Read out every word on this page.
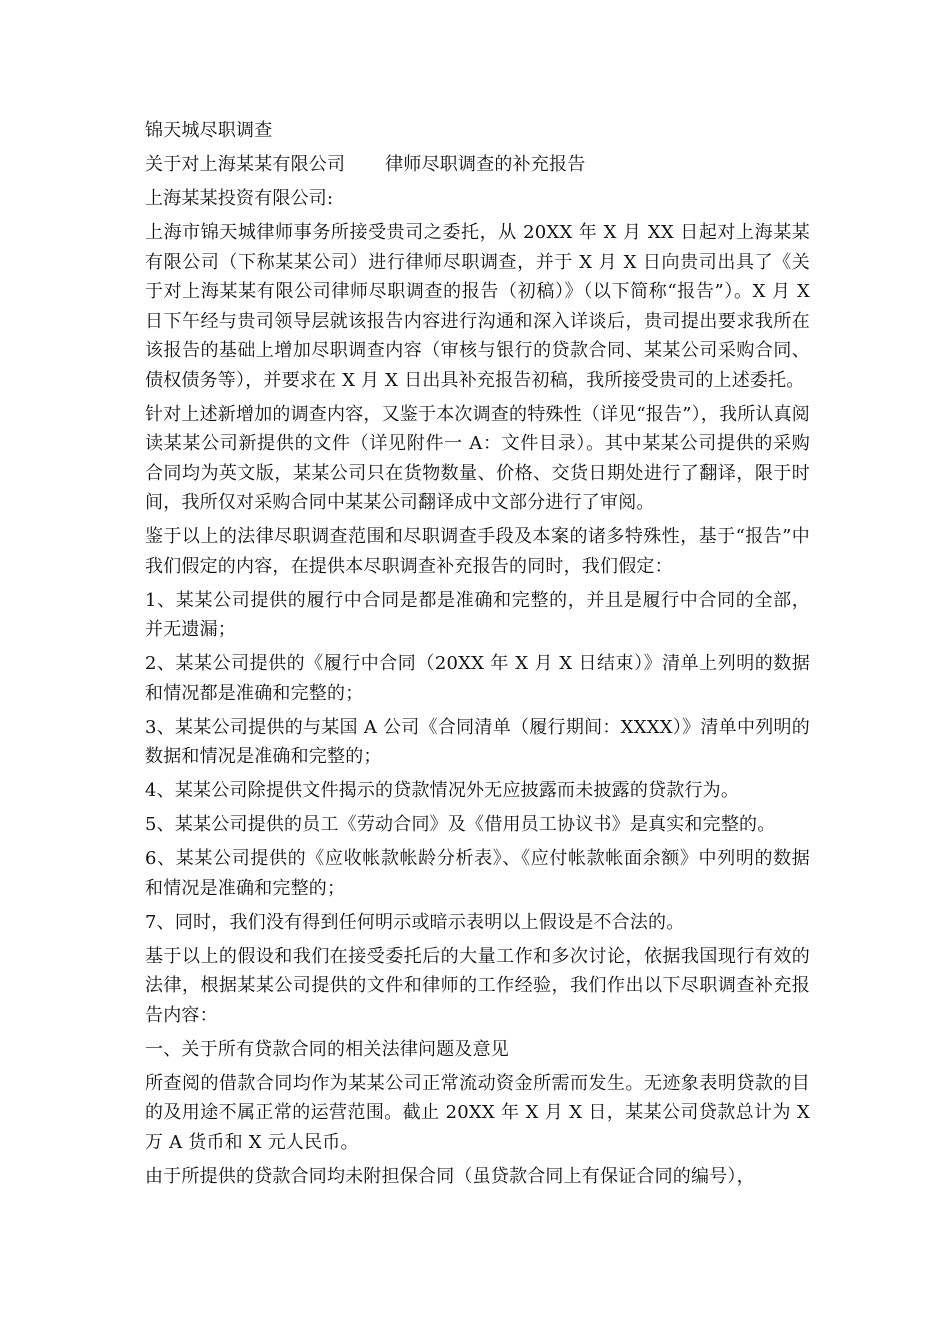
锦天城尽职调查
关于对上海某某有限公司 律师尽职调查的补充报告
上海某某投资有限公司:
上海市锦天城律师事务所接受贵司之委托，从 20XX 年 X 月 XX 日起对上海某某有限公司（下称某某公司）进行律师尽职调查，并于 X 月 X 日向贵司出具了《关于对上海某某有限公司律师尽职调查的报告（初稿）》（以下简称“报告”）。X 月 X 日下午经与贵司领导层就该报告内容进行沟通和深入详谈后，贵司提出要求我所在该报告的基础上增加尽职调查内容（审核与银行的贷款合同、某某公司采购合同、债权债务等），并要求在 X 月 X 日出具补充报告初稿，我所接受贵司的上述委托。
针对上述新增加的调查内容，又鉴于本次调查的特殊性（详见“报告”），我所认真阅读某某公司新提供的文件（详见附件一 A：文件目录）。其中某某公司提供的采购合同均为英文版，某某公司只在货物数量、价格、交货日期处进行了翻译，限于时间，我所仅对采购合同中某某公司翻译成中文部分进行了审阅。
鉴于以上的法律尽职调查范围和尽职调查手段及本案的诸多特殊性，基于“报告”中我们假定的内容，在提供本尽职调查补充报告的同时，我们假定：
1、某某公司提供的履行中合同是都是准确和完整的，并且是履行中合同的全部，并无遗漏；
2、某某公司提供的《履行中合同（20XX 年 X 月 X 日结束）》清单上列明的数据和情况都是准确和完整的；
3、某某公司提供的与某国 A 公司《合同清单（履行期间：XXXX）》清单中列明的数据和情况是准确和完整的；
4、某某公司除提供文件揭示的贷款情况外无应披露而未披露的贷款行为。
5、某某公司提供的员工《劳动合同》及《借用员工协议书》是真实和完整的。
6、某某公司提供的《应收帐款帐龄分析表》、《应付帐款帐面余额》中列明的数据和情况是准确和完整的；
7、同时，我们没有得到任何明示或暗示表明以上假设是不合法的。
基于以上的假设和我们在接受委托后的大量工作和多次讨论，依据我国现行有效的法律，根据某某公司提供的文件和律师的工作经验，我们作出以下尽职调查补充报告内容：
一、关于所有贷款合同的相关法律问题及意见
所查阅的借款合同均作为某某公司正常流动资金所需而发生。无迹象表明贷款的目的及用途不属正常的运营范围。截止 20XX 年 X 月 X 日，某某公司贷款总计为 X 万 A 货币和 X 元人民币。
由于所提供的贷款合同均未附担保合同（虽贷款合同上有保证合同的编号），
